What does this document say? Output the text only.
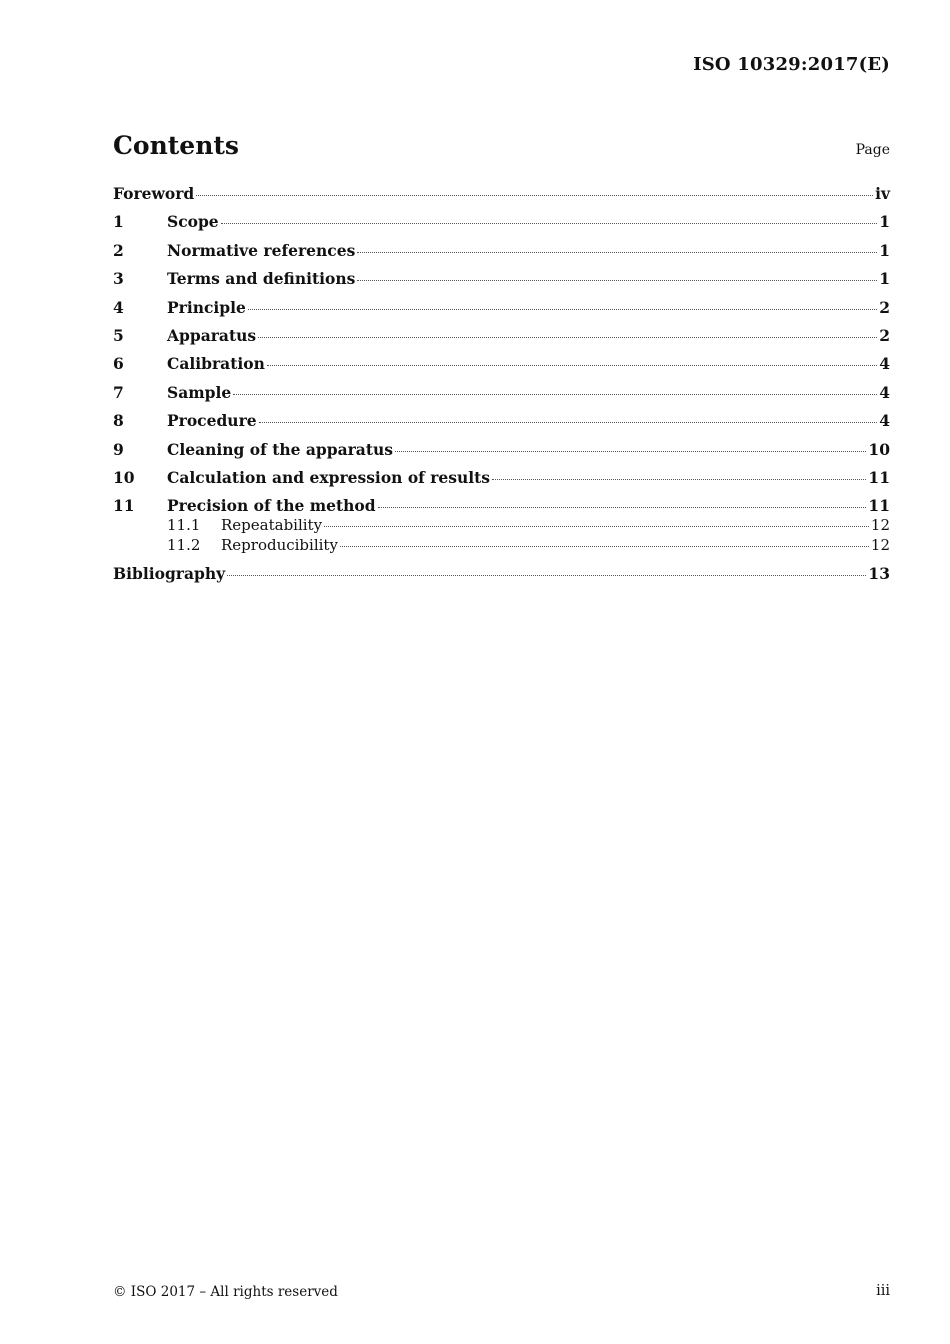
ISO 10329:2017(E)
Contents	Page
Foreword	iv
1	Scope	1
2	Normative references	1
3	Terms and definitions	1
4	Principle	2
5	Apparatus	2
6	Calibration	4
7	Sample	4
8	Procedure	4
9	Cleaning of the apparatus	10
10	Calculation and expression of results	11
11	Precision of the method	11
11.1	Repeatability	12
11.2	Reproducibility	12
Bibliography	13
© ISO 2017 – All rights reserved	iii
